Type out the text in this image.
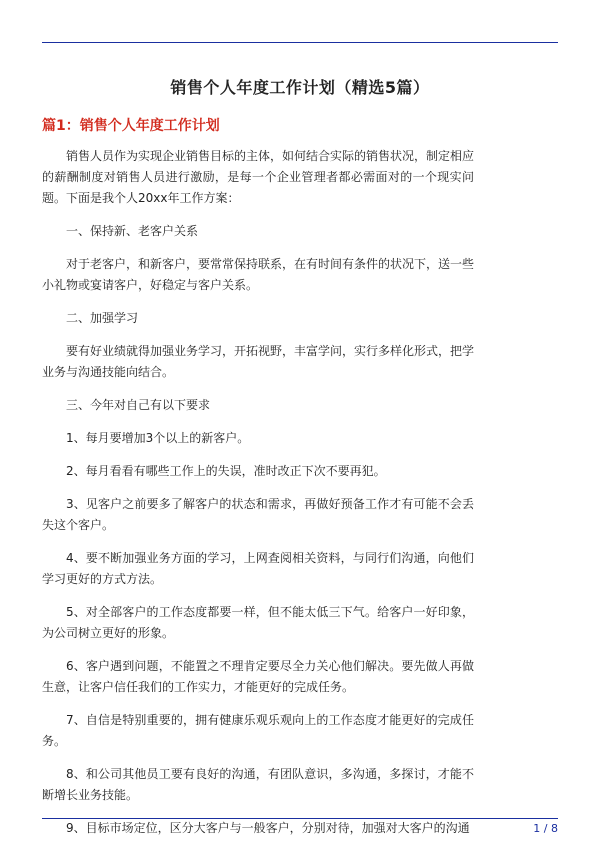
销售个人年度工作计划（精选5篇）
篇1：销售个人年度工作计划

销售人员作为实现企业销售目标的主体，如何结合实际的销售状况，制定相应的薪酬制度对销售人员进行激励，是每一个企业管理者都必需面对的一个现实问题。下面是我个人20xx年工作方案：

一、保持新、老客户关系

对于老客户，和新客户，要常常保持联系，在有时间有条件的状况下，送一些小礼物或宴请客户，好稳定与客户关系。

二、加强学习

要有好业绩就得加强业务学习，开拓视野，丰富学问，实行多样化形式，把学业务与沟通技能向结合。

三、今年对自己有以下要求

1、每月要增加3个以上的新客户。

2、每月看看有哪些工作上的失误，准时改正下次不要再犯。

3、见客户之前要多了解客户的状态和需求，再做好预备工作才有可能不会丢失这个客户。

4、要不断加强业务方面的学习，上网查阅相关资料，与同行们沟通，向他们学习更好的方式方法。

5、对全部客户的工作态度都要一样，但不能太低三下气。给客户一好印象，为公司树立更好的形象。

6、客户遇到问题，不能置之不理肯定要尽全力关心他们解决。要先做人再做生意，让客户信任我们的工作实力，才能更好的完成任务。

7、自信是特别重要的，拥有健康乐观乐观向上的工作态度才能更好的完成任务。

8、和公司其他员工要有良好的沟通，有团队意识，多沟通，多探讨，才能不断增长业务技能。

9、目标市场定位，区分大客户与一般客户，分别对待，加强对大客户的沟通	1 / 8
